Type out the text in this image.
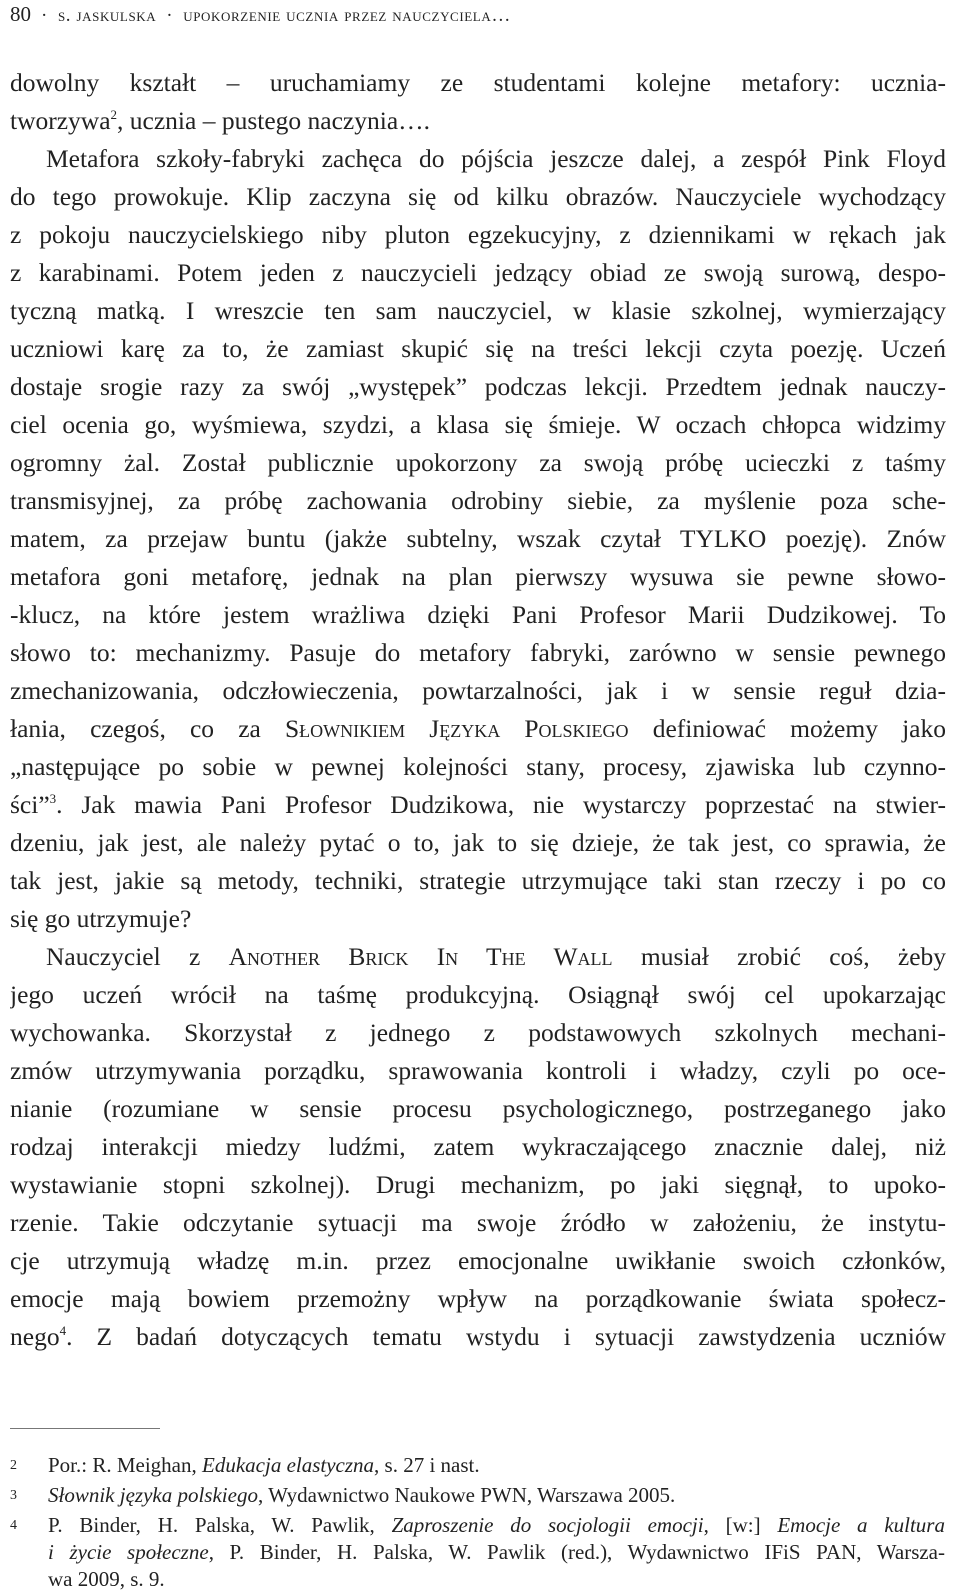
80 · s. jaskulska · upokorzenie ucznia przez nauczyciela…
dowolny kształt – uruchamiamy ze studentami kolejne metafory: ucznia-
tworzywa$^2$, ucznia – pustego naczynia….
Metafora szkoły-fabryki zachęca do pójścia jeszcze dalej, a zespół Pink Floyd
do tego prowokuje. Klip zaczyna się od kilku obrazów. Nauczyciele wychodzący
z pokoju nauczycielskiego niby pluton egzekucyjny, z dziennikami w rękach jak
z karabinami. Potem jeden z nauczycieli jedzący obiad ze swoją surową, despo-
tyczną matką. I wreszcie ten sam nauczyciel, w klasie szkolnej, wymierzający
uczniowi karę za to, że zamiast skupić się na treści lekcji czyta poezję. Uczeń
dostaje srogie razy za swój „występek” podczas lekcji. Przedtem jednak nauczy-
ciel ocenia go, wyśmiewa, szydzi, a klasa się śmieje. W oczach chłopca widzimy
ogromny żal. Został publicznie upokorzony za swoją próbę ucieczki z taśmy
transmisyjnej, za próbę zachowania odrobiny siebie, za myślenie poza sche-
matem, za przejaw buntu (jakże subtelny, wszak czytał TYLKO poezję). Znów
metafora goni metaforę, jednak na plan pierwszy wysuwa sie pewne słowo-
-klucz, na które jestem wrażliwa dzięki Pani Profesor Marii Dudzikowej. To
słowo to: mechanizmy. Pasuje do metafory fabryki, zarówno w sensie pewnego
zmechanizowania, odczłowieczenia, powtarzalności, jak i w sensie reguł dzia-
łania, czegoś, co za Słownikiem Języka Polskiego definiować możemy jako
„następujące po sobie w pewnej kolejności stany, procesy, zjawiska lub czynno-
ści”$^3$. Jak mawia Pani Profesor Dudzikowa, nie wystarczy poprzestać na stwier-
dzeniu, jak jest, ale należy pytać o to, jak to się dzieje, że tak jest, co sprawia, że
tak jest, jakie są metody, techniki, strategie utrzymujące taki stan rzeczy i po co
się go utrzymuje?
Nauczyciel z Another Brick In The Wall musiał zrobić coś, żeby
jego uczeń wrócił na taśmę produkcyjną. Osiągnął swój cel upokarzając
wychowanka. Skorzystał z jednego z podstawowych szkolnych mechani-
zmów utrzymywania porządku, sprawowania kontroli i władzy, czyli po oce-
nianie (rozumiane w sensie procesu psychologicznego, postrzeganego jako
rodzaj interakcji miedzy ludźmi, zatem wykraczającego znacznie dalej, niż
wystawianie stopni szkolnej). Drugi mechanizm, po jaki sięgnął, to upoko-
rzenie. Takie odczytanie sytuacji ma swoje źródło w założeniu, że instytu-
cje utrzymują władzę m.in. przez emocjonalne uwikłanie swoich członków,
emocje mają bowiem przemożny wpływ na porządkowanie świata społecz-
nego$^4$. Z badań dotyczących tematu wstydu i sytuacji zawstydzenia uczniów
2 Por.: R. Meighan, Edukacja elastyczna, s. 27 i nast.
3 Słownik języka polskiego, Wydawnictwo Naukowe PWN, Warszawa 2005.
4 P. Binder, H. Palska, W. Pawlik, Zaproszenie do socjologii emocji, [w:] Emocje a kultura
i życie społeczne, P. Binder, H. Palska, W. Pawlik (red.), Wydawnictwo IFiS PAN, Warsza-
wa 2009, s. 9.
